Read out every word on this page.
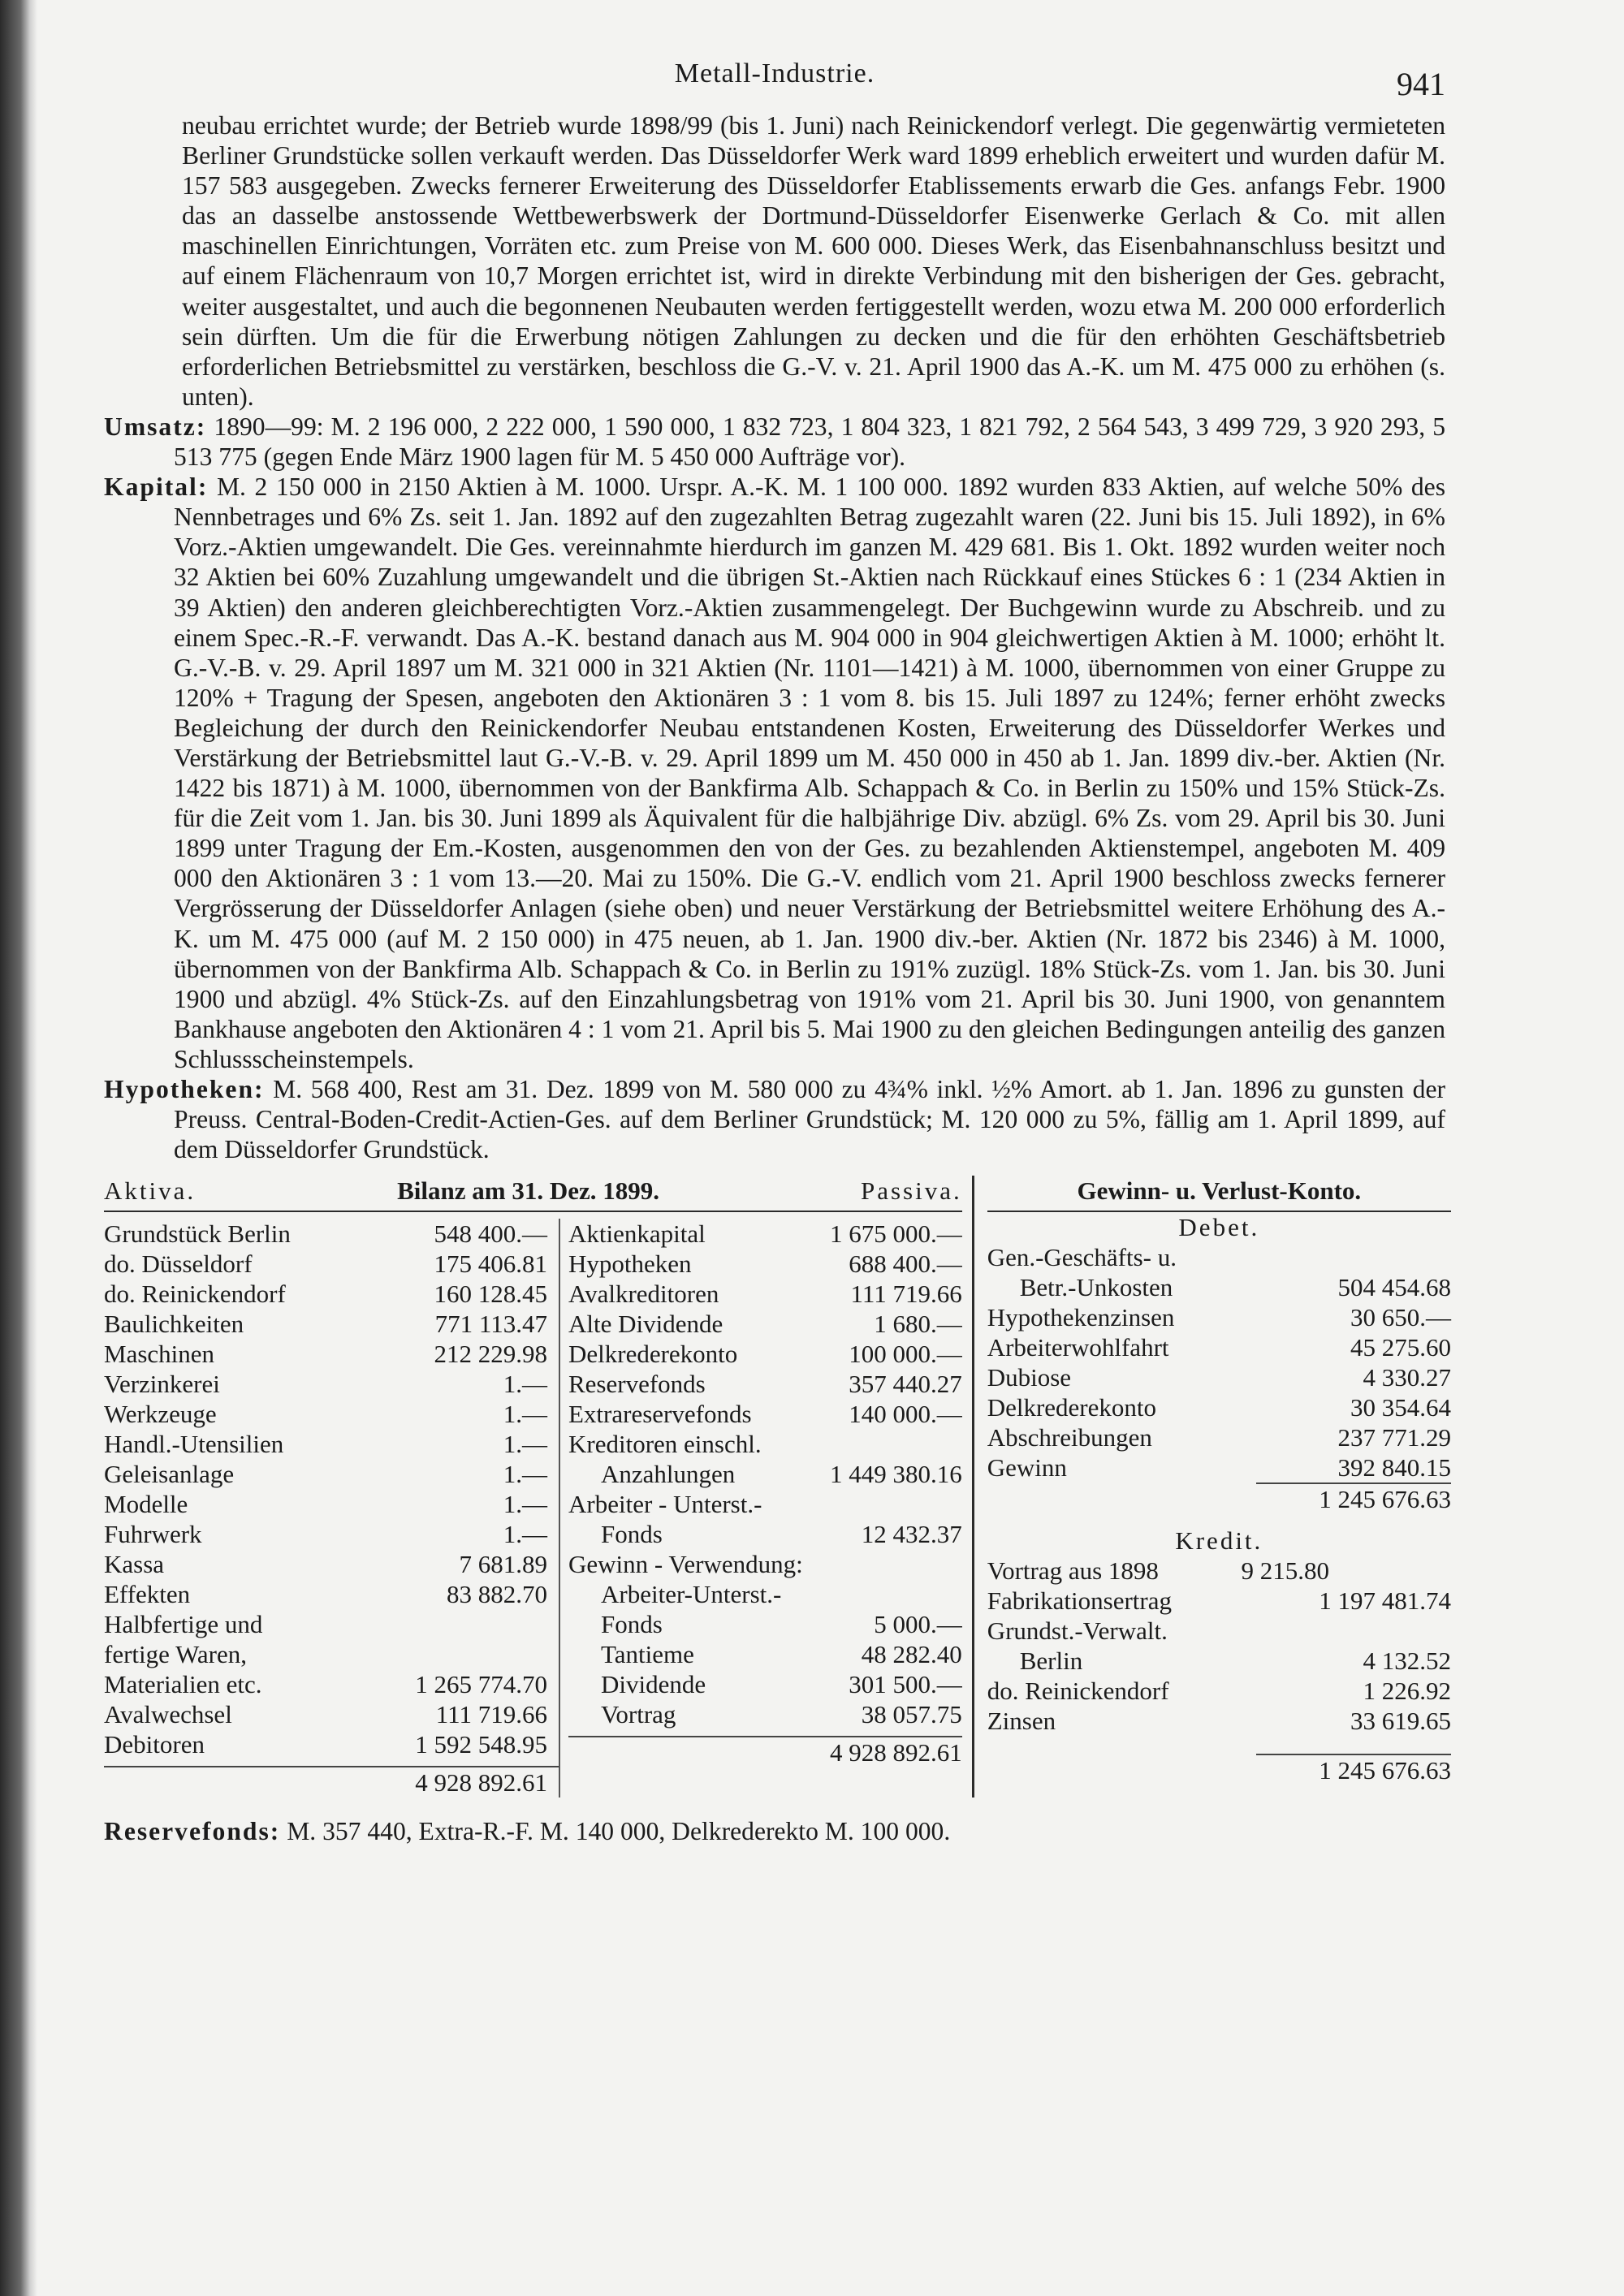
Metall-Industrie.	941

neubau errichtet wurde; der Betrieb wurde 1898/99 (bis 1. Juni) nach Reinickendorf verlegt. Die gegenwärtig vermieteten Berliner Grundstücke sollen verkauft werden. Das Düsseldorfer Werk ward 1899 erheblich erweitert und wurden dafür M. 157 583 ausgegeben. Zwecks fernerer Erweiterung des Düsseldorfer Etablissements erwarb die Ges. anfangs Febr. 1900 das an dasselbe anstossende Wettbewerbswerk der Dortmund-Düsseldorfer Eisenwerke Gerlach & Co. mit allen maschinellen Einrichtungen, Vorräten etc. zum Preise von M. 600 000. Dieses Werk, das Eisenbahnanschluss besitzt und auf einem Flächenraum von 10,7 Morgen errichtet ist, wird in direkte Verbindung mit den bisherigen der Ges. gebracht, weiter ausgestaltet, und auch die begonnenen Neubauten werden fertiggestellt werden, wozu etwa M. 200 000 erforderlich sein dürften. Um die für die Erwerbung nötigen Zahlungen zu decken und die für den erhöhten Geschäftsbetrieb erforderlichen Betriebsmittel zu verstärken, beschloss die G.-V. v. 21. April 1900 das A.-K. um M. 475 000 zu erhöhen (s. unten).

Umsatz: 1890—99: M. 2 196 000, 2 222 000, 1 590 000, 1 832 723, 1 804 323, 1 821 792, 2 564 543, 3 499 729, 3 920 293, 5 513 775 (gegen Ende März 1900 lagen für M. 5 450 000 Aufträge vor).

Kapital: M. 2 150 000 in 2150 Aktien à M. 1000. Urspr. A.-K. M. 1 100 000. 1892 wurden 833 Aktien, auf welche 50% des Nennbetrages und 6% Zs. seit 1. Jan. 1892 auf den zugezahlten Betrag zugezahlt waren (22. Juni bis 15. Juli 1892), in 6% Vorz.-Aktien umgewandelt. Die Ges. vereinnahmte hierdurch im ganzen M. 429 681. Bis 1. Okt. 1892 wurden weiter noch 32 Aktien bei 60% Zuzahlung umgewandelt und die übrigen St.-Aktien nach Rückkauf eines Stückes 6 : 1 (234 Aktien in 39 Aktien) den anderen gleichberechtigten Vorz.-Aktien zusammengelegt. Der Buchgewinn wurde zu Abschreib. und zu einem Spec.-R.-F. verwandt. Das A.-K. bestand danach aus M. 904 000 in 904 gleichwertigen Aktien à M. 1000; erhöht lt. G.-V.-B. v. 29. April 1897 um M. 321 000 in 321 Aktien (Nr. 1101—1421) à M. 1000, übernommen von einer Gruppe zu 120% + Tragung der Spesen, angeboten den Aktionären 3 : 1 vom 8. bis 15. Juli 1897 zu 124%; ferner erhöht zwecks Begleichung der durch den Reinickendorfer Neubau entstandenen Kosten, Erweiterung des Düsseldorfer Werkes und Verstärkung der Betriebsmittel laut G.-V.-B. v. 29. April 1899 um M. 450 000 in 450 ab 1. Jan. 1899 div.-ber. Aktien (Nr. 1422 bis 1871) à M. 1000, übernommen von der Bankfirma Alb. Schappach & Co. in Berlin zu 150% und 15% Stück-Zs. für die Zeit vom 1. Jan. bis 30. Juni 1899 als Äquivalent für die halbjährige Div. abzügl. 6% Zs. vom 29. April bis 30. Juni 1899 unter Tragung der Em.-Kosten, ausgenommen den von der Ges. zu bezahlenden Aktienstempel, angeboten M. 409 000 den Aktionären 3 : 1 vom 13.—20. Mai zu 150%. Die G.-V. endlich vom 21. April 1900 beschloss zwecks fernerer Vergrösserung der Düsseldorfer Anlagen (siehe oben) und neuer Verstärkung der Betriebsmittel weitere Erhöhung des A.-K. um M. 475 000 (auf M. 2 150 000) in 475 neuen, ab 1. Jan. 1900 div.-ber. Aktien (Nr. 1872 bis 2346) à M. 1000, übernommen von der Bankfirma Alb. Schappach & Co. in Berlin zu 191% zuzügl. 18% Stück-Zs. vom 1. Jan. bis 30. Juni 1900 und abzügl. 4% Stück-Zs. auf den Einzahlungsbetrag von 191% vom 21. April bis 30. Juni 1900, von genanntem Bankhause angeboten den Aktionären 4 : 1 vom 21. April bis 5. Mai 1900 zu den gleichen Bedingungen anteilig des ganzen Schlussscheinstempels.

Hypotheken: M. 568 400, Rest am 31. Dez. 1899 von M. 580 000 zu 4¾% inkl. ½% Amort. ab 1. Jan. 1896 zu gunsten der Preuss. Central-Boden-Credit-Actien-Ges. auf dem Berliner Grundstück; M. 120 000 zu 5%, fällig am 1. April 1899, auf dem Düsseldorfer Grundstück.

Aktiva.	Bilanz am 31. Dez. 1899.	Passiva.
Grundstück Berlin	548 400.—
do. Düsseldorf	175 406.81
do. Reinickendorf	160 128.45
Baulichkeiten	771 113.47
Maschinen	212 229.98
Verzinkerei	1.—
Werkzeuge	1.—
Handl.-Utensilien	1.—
Geleisanlage	1.—
Modelle	1.—
Fuhrwerk	1.—
Kassa	7 681.89
Effekten	83 882.70
Halbfertige und
fertige Waren,
Materialien etc.	1 265 774.70
Avalwechsel	111 719.66
Debitoren	1 592 548.95
4 928 892.61
Aktienkapital	1 675 000.—
Hypotheken	688 400.—
Avalkreditoren	111 719.66
Alte Dividende	1 680.—
Delkrederekonto	100 000.—
Reservefonds	357 440.27
Extrareservefonds	140 000.—
Kreditoren einschl.
Anzahlungen	1 449 380.16
Arbeiter - Unterst.-
Fonds	12 432.37
Gewinn - Verwendung:
Arbeiter-Unterst.-
Fonds	5 000.—
Tantieme	48 282.40
Dividende	301 500.—
Vortrag	38 057.75
4 928 892.61
Gewinn- u. Verlust-Konto.
Debet.
Gen.-Geschäfts- u.
Betr.-Unkosten	504 454.68
Hypothekenzinsen	30 650.—
Arbeiterwohlfahrt	45 275.60
Dubiose	4 330.27
Delkrederekonto	30 354.64
Abschreibungen	237 771.29
Gewinn	392 840.15
1 245 676.63
Kredit.
Vortrag aus 1898	9 215.80
Fabrikationsertrag	1 197 481.74
Grundst.-Verwalt.
Berlin	4 132.52
do. Reinickendorf	1 226.92
Zinsen	33 619.65
1 245 676.63
Reservefonds: M. 357 440, Extra-R.-F. M. 140 000, Delkrederekto M. 100 000.
